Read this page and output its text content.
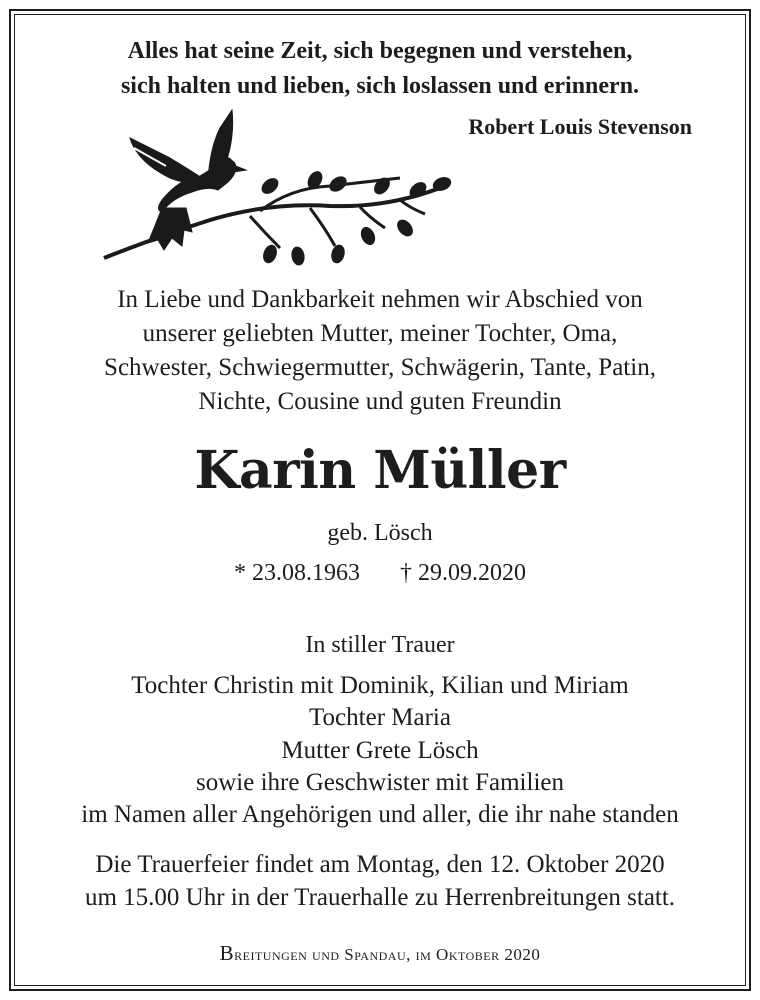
Alles hat seine Zeit, sich begegnen und verstehen,

sich halten und lieben, sich loslassen und erinnern.

Robert Louis Stevenson

In Liebe und Dankbarkeit nehmen wir Abschied von

unserer geliebten Mutter, meiner Tochter, Oma,

Schwester, Schwiegermutter, Schwägerin, Tante, Patin,

Nichte, Cousine und guten Freundin

Karin Müller

geb. Lösch

* 23.08.1963 † 29.09.2020

In stiller Trauer

Tochter Christin mit Dominik, Kilian und Miriam

Tochter Maria

Mutter Grete Lösch

sowie ihre Geschwister mit Familien

im Namen aller Angehörigen und aller, die ihr nahe standen

Die Trauerfeier findet am Montag, den 12. Oktober 2020

um 15.00 Uhr in der Trauerhalle zu Herrenbreitungen statt.

Breitungen und Spandau, im Oktober 2020
